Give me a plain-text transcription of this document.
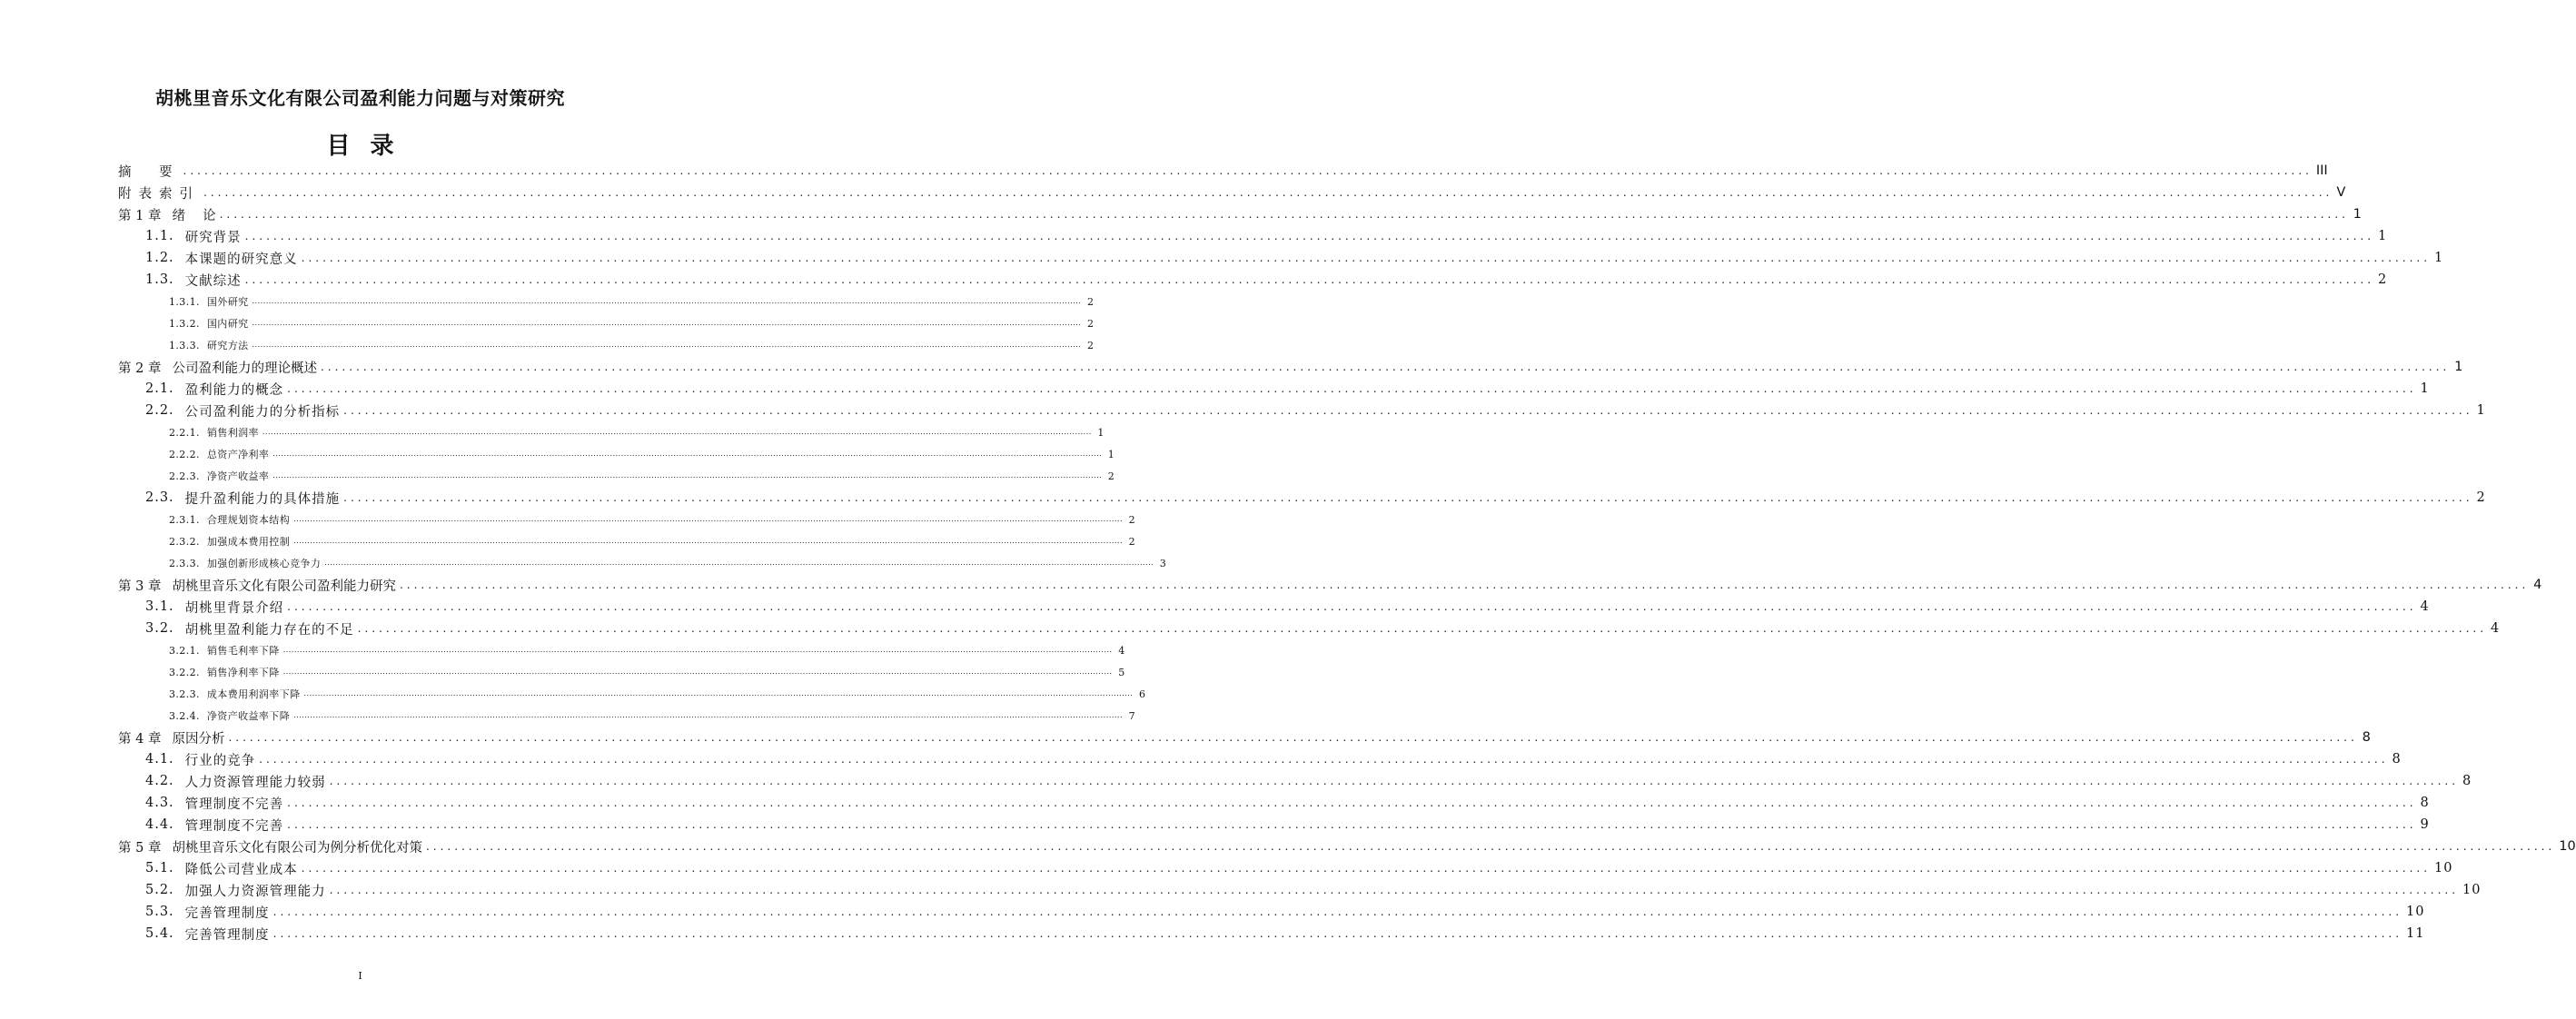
胡桃里音乐文化有限公司盈利能力问题与对策研究
目录
摘　要 ............................................................................................................................................................................................................................................................................................................ III
附表索引 ............................................................................................................................................................................................................................................................................................................ V
第 1 章 绪　 论 ............................................................................................................................................................................................................................................................................................................ 1
1.1. 研究背景 ............................................................................................................................................................................................................................................................................................................ 1
1.2. 本课题的研究意义 ............................................................................................................................................................................................................................................................................................................ 1
1.3. 文献综述 ............................................................................................................................................................................................................................................................................................................ 2
1.3.1. 国外研究 ............................................................................................................................................................................................................................................................................................................ 2
1.3.2. 国内研究 ............................................................................................................................................................................................................................................................................................................ 2
1.3.3. 研究方法 ............................................................................................................................................................................................................................................................................................................ 2
第 2 章 公司盈利能力的理论概述 ............................................................................................................................................................................................................................................................................................................ 1
2.1. 盈利能力的概念 ............................................................................................................................................................................................................................................................................................................ 1
2.2. 公司盈利能力的分析指标 ............................................................................................................................................................................................................................................................................................................ 1
2.2.1. 销售利润率 ............................................................................................................................................................................................................................................................................................................ 1
2.2.2. 总资产净利率 ............................................................................................................................................................................................................................................................................................................ 1
2.2.3. 净资产收益率 ............................................................................................................................................................................................................................................................................................................ 2
2.3. 提升盈利能力的具体措施 ............................................................................................................................................................................................................................................................................................................ 2
2.3.1. 合理规划资本结构 ............................................................................................................................................................................................................................................................................................................ 2
2.3.2. 加强成本费用控制 ............................................................................................................................................................................................................................................................................................................ 2
2.3.3. 加强创新形成核心竞争力 ............................................................................................................................................................................................................................................................................................................ 3
第 3 章 胡桃里音乐文化有限公司盈利能力研究 ............................................................................................................................................................................................................................................................................................................ 4
3.1. 胡桃里背景介绍 ............................................................................................................................................................................................................................................................................................................ 4
3.2. 胡桃里盈利能力存在的不足 ............................................................................................................................................................................................................................................................................................................ 4
3.2.1. 销售毛利率下降 ............................................................................................................................................................................................................................................................................................................ 4
3.2.2. 销售净利率下降 ............................................................................................................................................................................................................................................................................................................ 5
3.2.3. 成本费用利润率下降 ............................................................................................................................................................................................................................................................................................................ 6
3.2.4. 净资产收益率下降 ............................................................................................................................................................................................................................................................................................................ 7
第 4 章 原因分析 ............................................................................................................................................................................................................................................................................................................ 8
4.1. 行业的竞争 ............................................................................................................................................................................................................................................................................................................ 8
4.2. 人力资源管理能力较弱 ............................................................................................................................................................................................................................................................................................................ 8
4.3. 管理制度不完善 ............................................................................................................................................................................................................................................................................................................ 8
4.4. 管理制度不完善 ............................................................................................................................................................................................................................................................................................................ 9
第 5 章 胡桃里音乐文化有限公司为例分析优化对策 ............................................................................................................................................................................................................................................................................................................ 10
5.1. 降低公司营业成本 ............................................................................................................................................................................................................................................................................................................ 10
5.2. 加强人力资源管理能力 ............................................................................................................................................................................................................................................................................................................ 10
5.3. 完善管理制度 ............................................................................................................................................................................................................................................................................................................ 10
5.4. 完善管理制度 ............................................................................................................................................................................................................................................................................................................ 11
I
